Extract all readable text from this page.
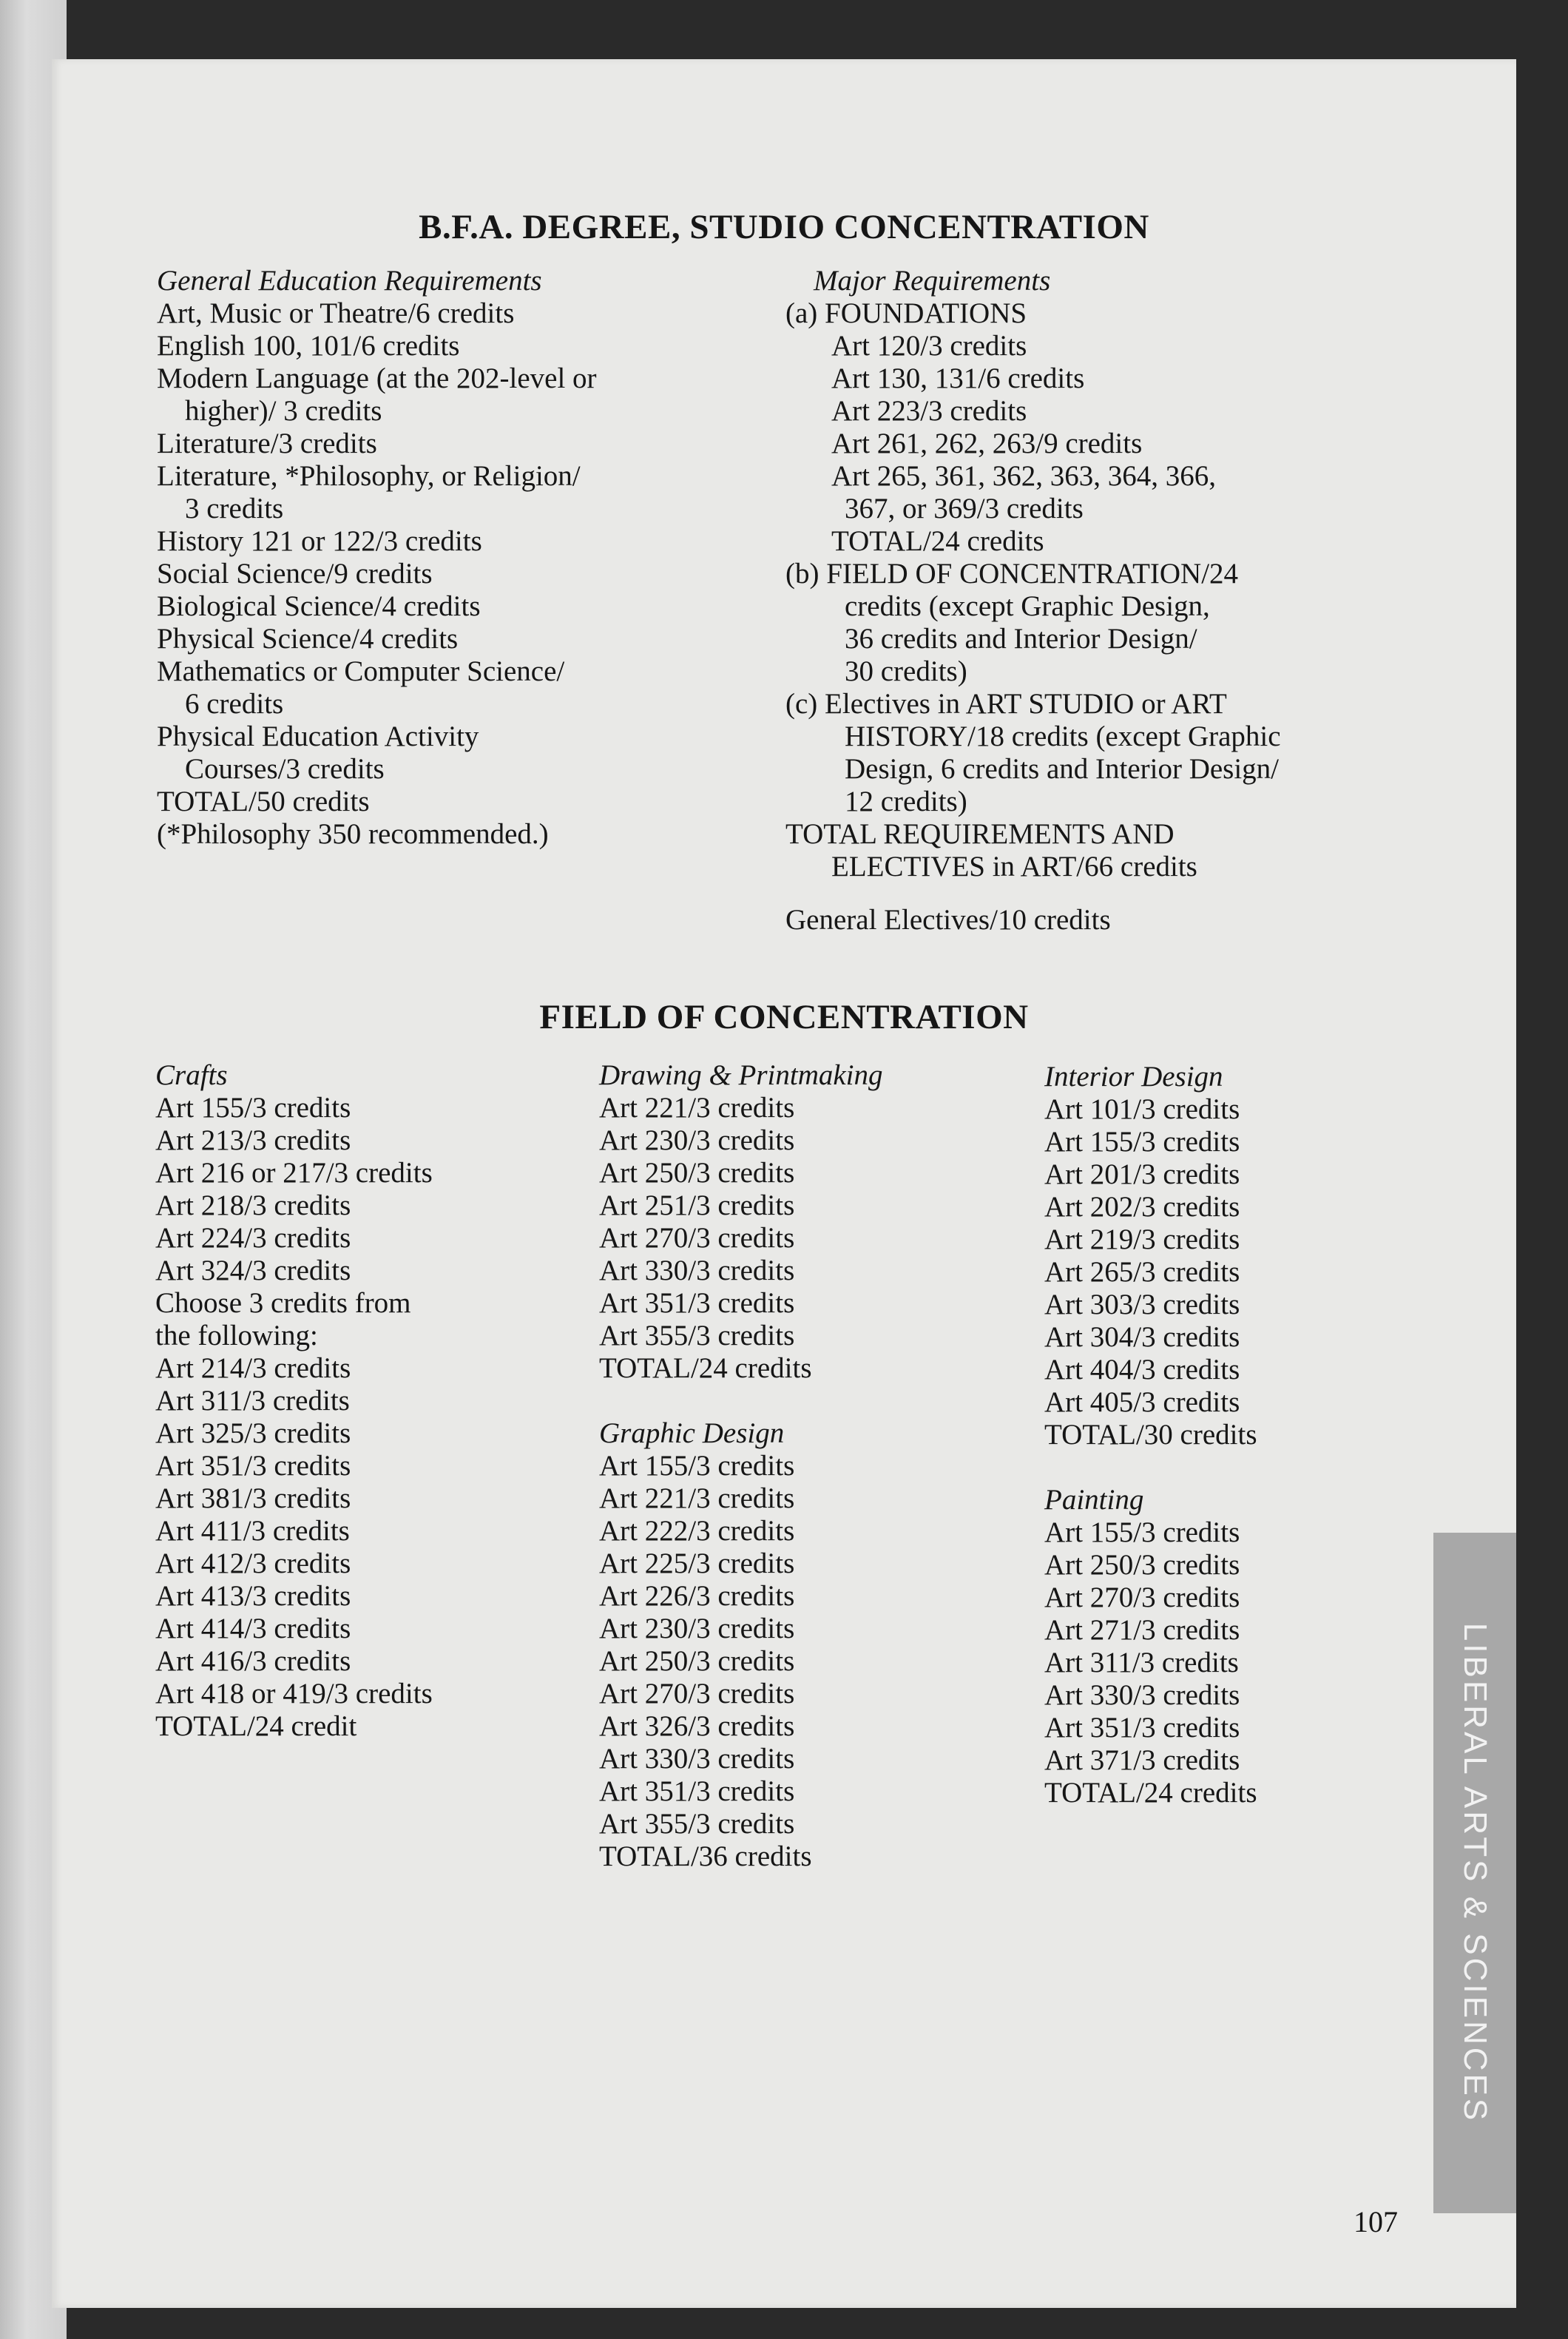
B.F.A. DEGREE, STUDIO CONCENTRATION
General Education Requirements
Art, Music or Theatre/6 credits
English 100, 101/6 credits
Modern Language (at the 202-level or
higher)/ 3 credits
Literature/3 credits
Literature, *Philosophy, or Religion/
3 credits
History 121 or 122/3 credits
Social Science/9 credits
Biological Science/4 credits
Physical Science/4 credits
Mathematics or Computer Science/
6 credits
Physical Education Activity
Courses/3 credits
TOTAL/50 credits
(*Philosophy 350 recommended.)
Major Requirements
(a) FOUNDATIONS
Art 120/3 credits
Art 130, 131/6 credits
Art 223/3 credits
Art 261, 262, 263/9 credits
Art 265, 361, 362, 363, 364, 366,
367, or 369/3 credits
TOTAL/24 credits
(b) FIELD OF CONCENTRATION/24
credits (except Graphic Design,
36 credits and Interior Design/
30 credits)
(c) Electives in ART STUDIO or ART
HISTORY/18 credits (except Graphic
Design, 6 credits and Interior Design/
12 credits)
TOTAL REQUIREMENTS AND
ELECTIVES in ART/66 credits
General Electives/10 credits
FIELD OF CONCENTRATION
Crafts
Art 155/3 credits
Art 213/3 credits
Art 216 or 217/3 credits
Art 218/3 credits
Art 224/3 credits
Art 324/3 credits
Choose 3 credits from
the following:
Art 214/3 credits
Art 311/3 credits
Art 325/3 credits
Art 351/3 credits
Art 381/3 credits
Art 411/3 credits
Art 412/3 credits
Art 413/3 credits
Art 414/3 credits
Art 416/3 credits
Art 418 or 419/3 credits
TOTAL/24 credit
Drawing & Printmaking
Art 221/3 credits
Art 230/3 credits
Art 250/3 credits
Art 251/3 credits
Art 270/3 credits
Art 330/3 credits
Art 351/3 credits
Art 355/3 credits
TOTAL/24 credits
Graphic Design
Art 155/3 credits
Art 221/3 credits
Art 222/3 credits
Art 225/3 credits
Art 226/3 credits
Art 230/3 credits
Art 250/3 credits
Art 270/3 credits
Art 326/3 credits
Art 330/3 credits
Art 351/3 credits
Art 355/3 credits
TOTAL/36 credits
Interior Design
Art 101/3 credits
Art 155/3 credits
Art 201/3 credits
Art 202/3 credits
Art 219/3 credits
Art 265/3 credits
Art 303/3 credits
Art 304/3 credits
Art 404/3 credits
Art 405/3 credits
TOTAL/30 credits
Painting
Art 155/3 credits
Art 250/3 credits
Art 270/3 credits
Art 271/3 credits
Art 311/3 credits
Art 330/3 credits
Art 351/3 credits
Art 371/3 credits
TOTAL/24 credits
107
LIBERAL ARTS & SCIENCES
